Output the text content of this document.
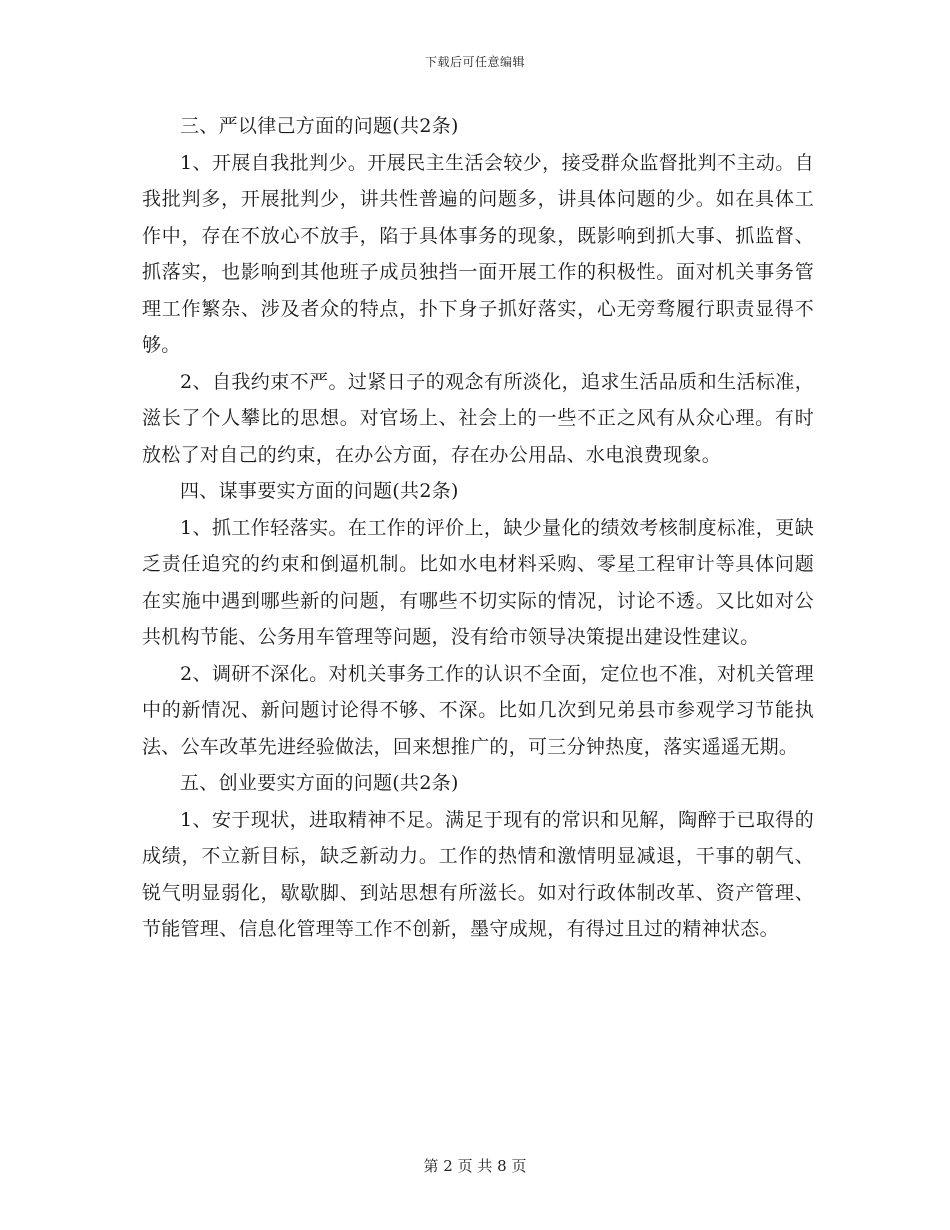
下载后可任意编辑

三、严以律己方面的问题(共2条)

1、开展自我批判少。开展民主生活会较少，接受群众监督批判不主动。自我批判多，开展批判少，讲共性普遍的问题多，讲具体问题的少。如在具体工作中，存在不放心不放手，陷于具体事务的现象，既影响到抓大事、抓监督、抓落实，也影响到其他班子成员独挡一面开展工作的积极性。面对机关事务管理工作繁杂、涉及者众的特点，扑下身子抓好落实，心无旁骛履行职责显得不够。

2、自我约束不严。过紧日子的观念有所淡化，追求生活品质和生活标准，滋长了个人攀比的思想。对官场上、社会上的一些不正之风有从众心理。有时放松了对自己的约束，在办公方面，存在办公用品、水电浪费现象。

四、谋事要实方面的问题(共2条)

1、抓工作轻落实。在工作的评价上，缺少量化的绩效考核制度标准，更缺乏责任追究的约束和倒逼机制。比如水电材料采购、零星工程审计等具体问题在实施中遇到哪些新的问题，有哪些不切实际的情况，讨论不透。又比如对公共机构节能、公务用车管理等问题，没有给市领导决策提出建设性建议。

2、调研不深化。对机关事务工作的认识不全面，定位也不准，对机关管理中的新情况、新问题讨论得不够、不深。比如几次到兄弟县市参观学习节能执法、公车改革先进经验做法，回来想推广的，可三分钟热度，落实遥遥无期。

五、创业要实方面的问题(共2条)

1、安于现状，进取精神不足。满足于现有的常识和见解，陶醉于已取得的成绩，不立新目标，缺乏新动力。工作的热情和激情明显减退，干事的朝气、锐气明显弱化，歇歇脚、到站思想有所滋长。如对行政体制改革、资产管理、节能管理、信息化管理等工作不创新，墨守成规，有得过且过的精神状态。

第 2 页 共 8 页
